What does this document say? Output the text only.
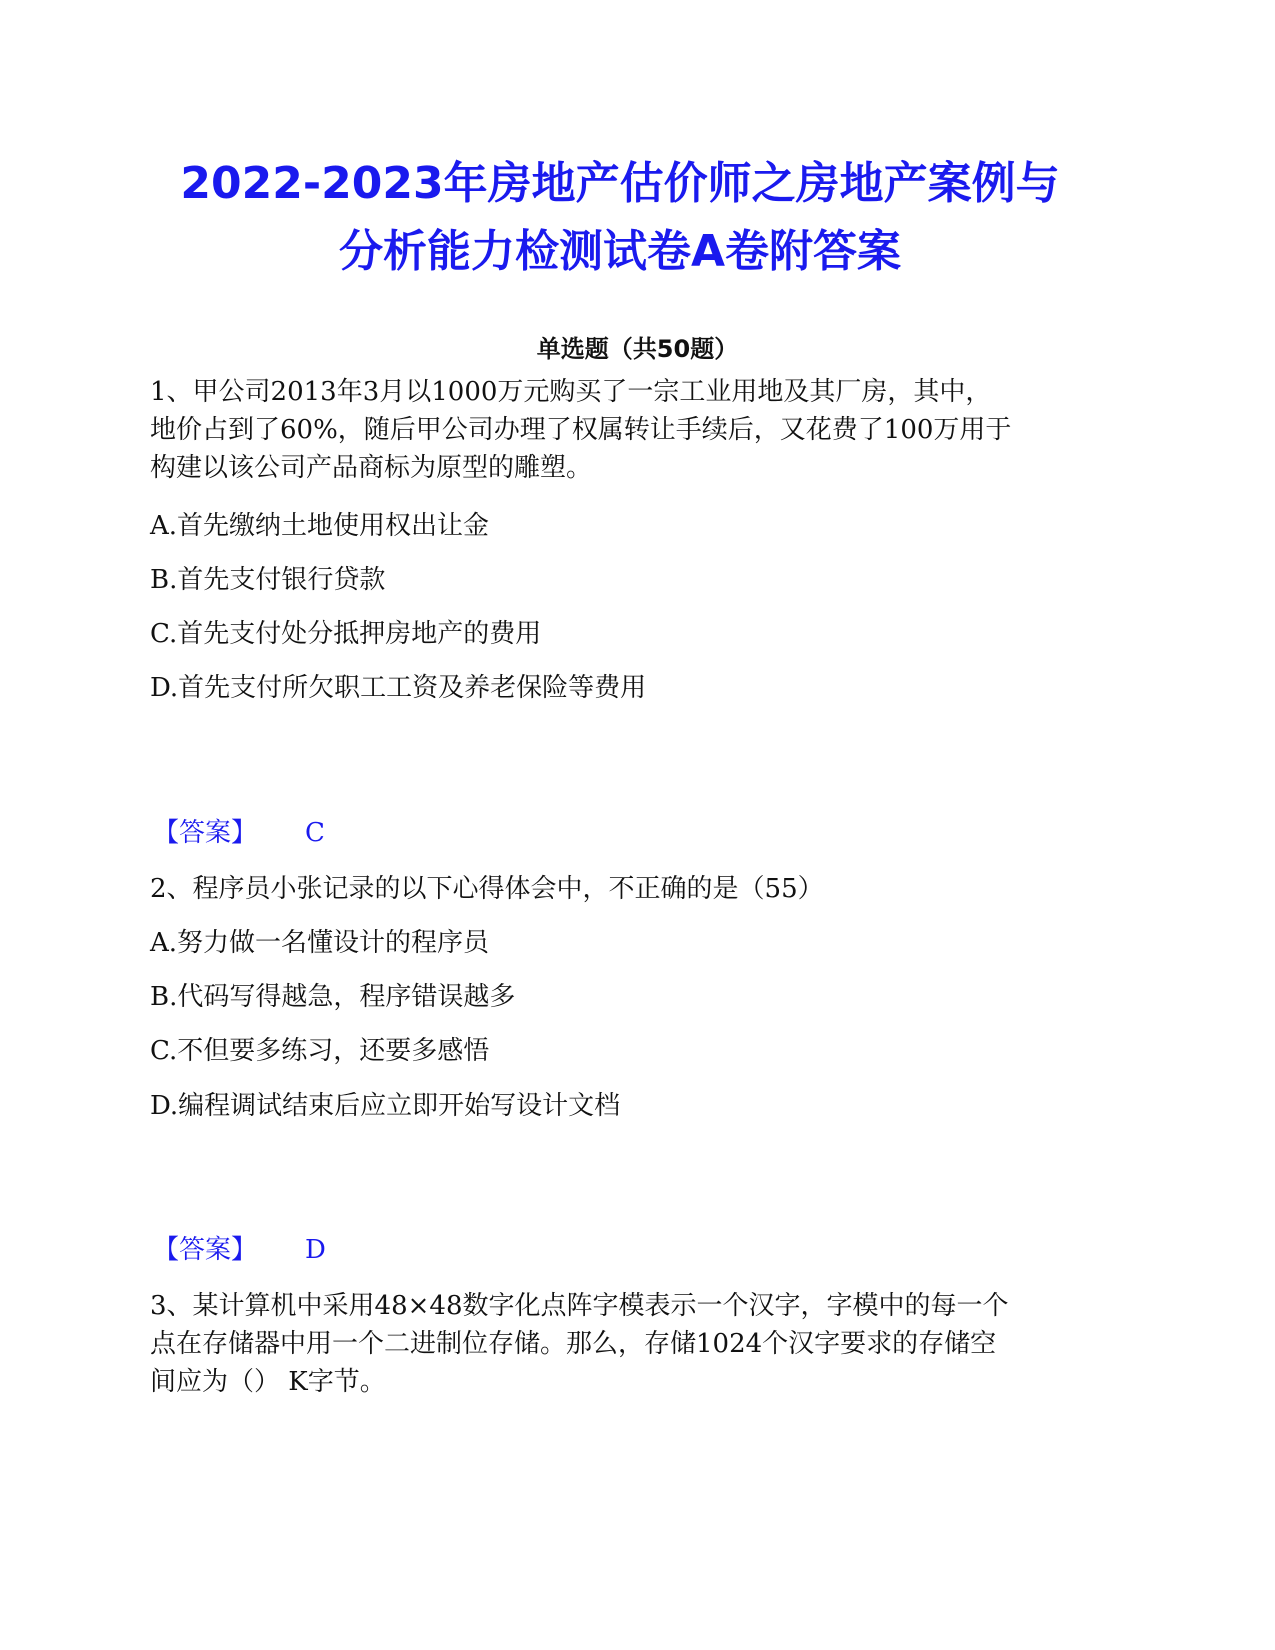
2022-2023年房地产估价师之房地产案例与
分析能力检测试卷A卷附答案
单选题（共50题）
1、甲公司2013年3月以1000万元购买了一宗工业用地及其厂房，其中，
地价占到了60%，随后甲公司办理了权属转让手续后，又花费了100万用于
构建以该公司产品商标为原型的雕塑。
A.首先缴纳土地使用权出让金
B.首先支付银行贷款
C.首先支付处分抵押房地产的费用
D.首先支付所欠职工工资及养老保险等费用
【答案】 C
2、程序员小张记录的以下心得体会中，不正确的是（55）
A.努力做一名懂设计的程序员
B.代码写得越急，程序错误越多
C.不但要多练习，还要多感悟
D.编程调试结束后应立即开始写设计文档
【答案】 D
3、某计算机中采用48×48数字化点阵字模表示一个汉字，字模中的每一个
点在存储器中用一个二进制位存储。那么，存储1024个汉字要求的存储空
间应为（） K字节。
